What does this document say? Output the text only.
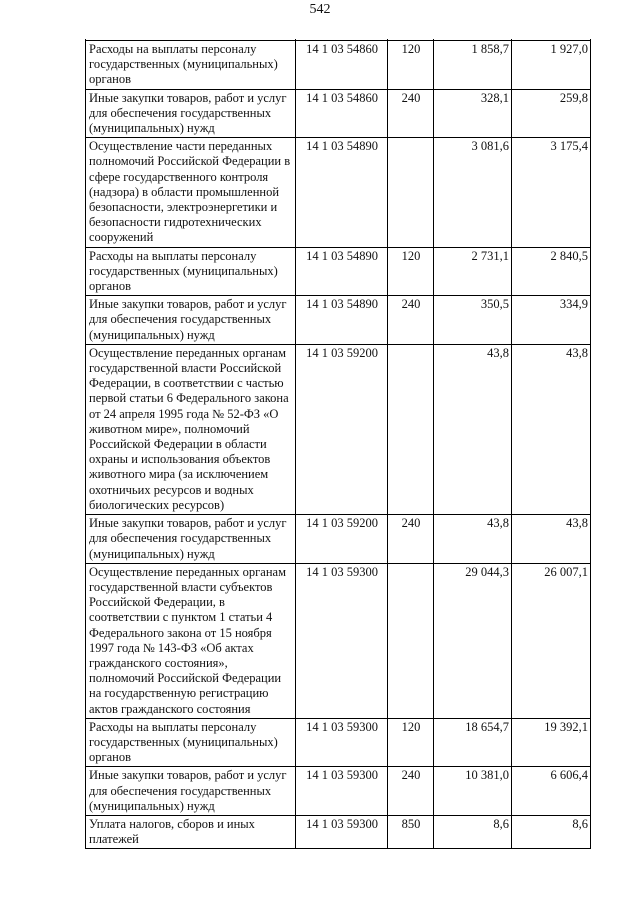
542

Расходы на выплаты персоналу государственных (муниципальных) органов	14 1 03 54860	120	1 858,7	1 927,0
Иные закупки товаров, работ и услуг для обеспечения государственных (муниципальных) нужд	14 1 03 54860	240	328,1	259,8
Осуществление части переданных полномочий Российской Федерации в сфере государственного контроля (надзора) в области промышленной безопасности, электроэнергетики и безопасности гидротехнических сооружений	14 1 03 54890		3 081,6	3 175,4
Расходы на выплаты персоналу государственных (муниципальных) органов	14 1 03 54890	120	2 731,1	2 840,5
Иные закупки товаров, работ и услуг для обеспечения государственных (муниципальных) нужд	14 1 03 54890	240	350,5	334,9
Осуществление переданных органам государственной власти Российской Федерации, в соответствии с частью первой статьи 6 Федерального закона от 24 апреля 1995 года № 52-ФЗ «О животном мире», полномочий Российской Федерации в области охраны и использования объектов животного мира (за исключением охотничьих ресурсов и водных биологических ресурсов)	14 1 03 59200		43,8	43,8
Иные закупки товаров, работ и услуг для обеспечения государственных (муниципальных) нужд	14 1 03 59200	240	43,8	43,8
Осуществление переданных органам государственной власти субъектов Российской Федерации, в соответствии с пунктом 1 статьи 4 Федерального закона от 15 ноября 1997 года № 143-ФЗ «Об актах гражданского состояния», полномочий Российской Федерации на государственную регистрацию актов гражданского состояния	14 1 03 59300		29 044,3	26 007,1
Расходы на выплаты персоналу государственных (муниципальных) органов	14 1 03 59300	120	18 654,7	19 392,1
Иные закупки товаров, работ и услуг для обеспечения государственных (муниципальных) нужд	14 1 03 59300	240	10 381,0	6 606,4
Уплата налогов, сборов и иных платежей	14 1 03 59300	850	8,6	8,6
